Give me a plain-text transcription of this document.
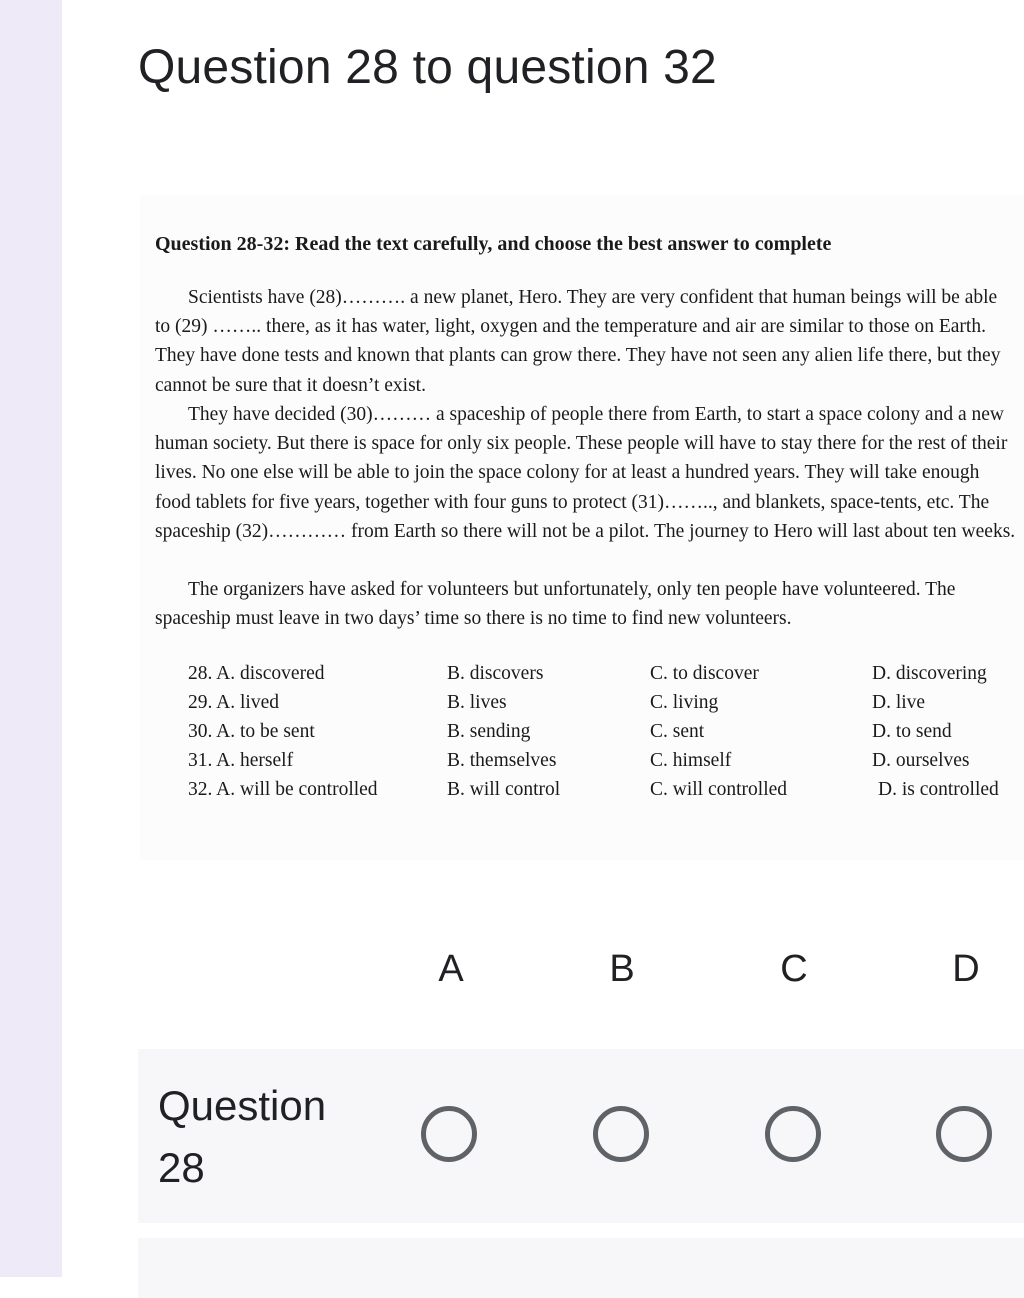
Question 28 to question 32
Question 28-32: Read the text carefully, and choose the best answer to complete

Scientists have (28)………. a new planet, Hero. They are very confident that human beings will be able to (29) …….. there, as it has water, light, oxygen and the temperature and air are similar to those on Earth. They have done tests and known that plants can grow there. They have not seen any alien life there, but they cannot be sure that it doesn’t exist.

They have decided (30)……… a spaceship of people there from Earth, to start a space colony and a new human society. But there is space for only six people. These people will have to stay there for the rest of their lives. No one else will be able to join the space colony for at least a hundred years. They will take enough food tablets for five years, together with four guns to protect (31)…….., and blankets, space-tents, etc. The spaceship (32)………… from Earth so there will not be a pilot. The journey to Hero will last about ten weeks.

The organizers have asked for volunteers but unfortunately, only ten people have volunteered. The spaceship must leave in two days’ time so there is no time to find new volunteers.

28. A. discovered	B. discovers	C. to discover	D. discovering
29. A. lived	B. lives	C. living	D. live
30. A. to be sent	B. sending	C. sent	D. to send
31. A. herself	B. themselves	C. himself	D. ourselves
32. A. will be controlled	B. will control	C. will controlled	D. is controlled
A	B	C	D
Question 28
